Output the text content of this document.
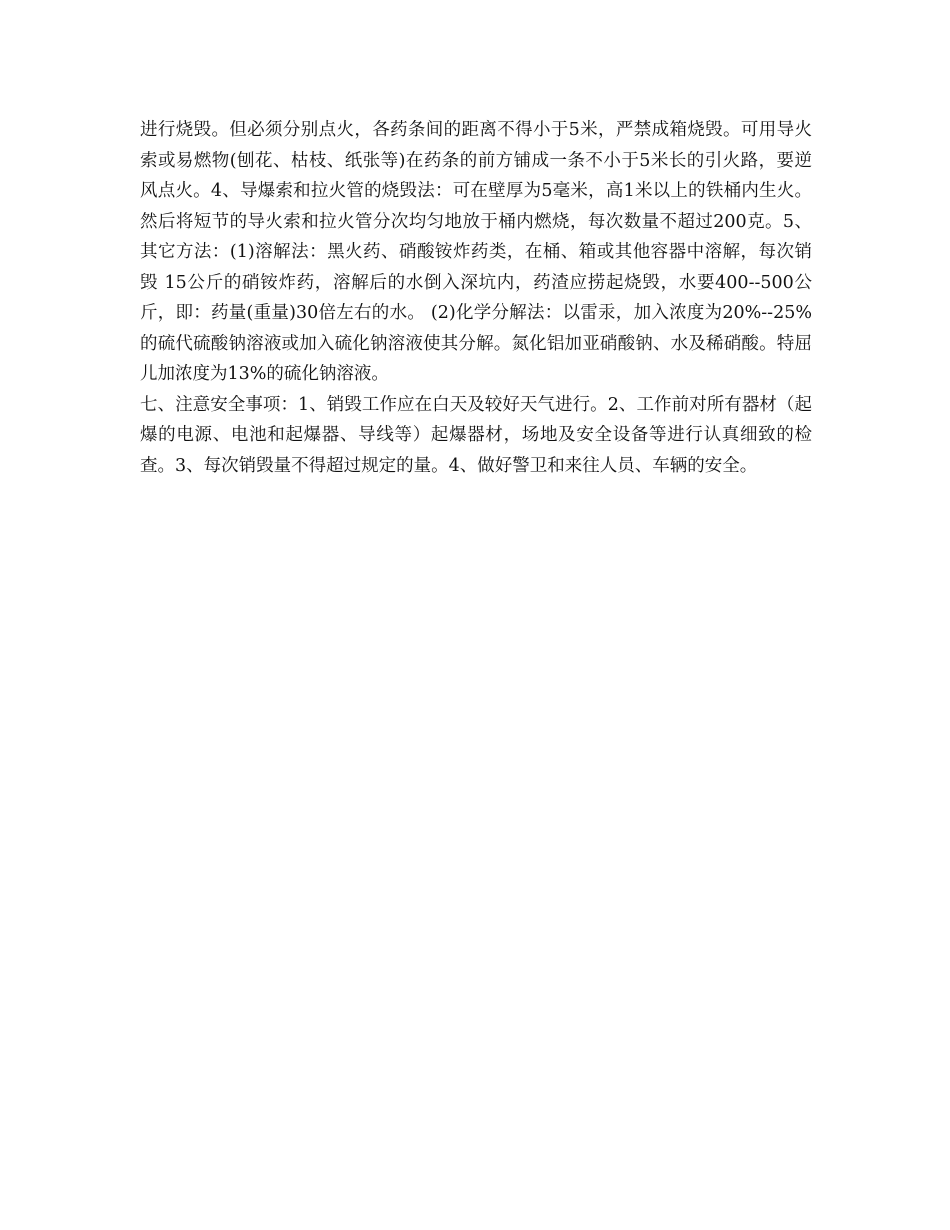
进行烧毁。但必须分别点火，各药条间的距离不得小于5米，严禁成箱烧毁。可用导火索或易燃物(刨花、枯枝、纸张等)在药条的前方铺成一条不小于5米长的引火路，要逆风点火。4、导爆索和拉火管的烧毁法：可在壁厚为5毫米，高1米以上的铁桶内生火。然后将短节的导火索和拉火管分次均匀地放于桶内燃烧，每次数量不超过200克。5、其它方法：(1)溶解法：黑火药、硝酸铵炸药类，在桶、箱或其他容器中溶解，每次销毁 15公斤的硝铵炸药，溶解后的水倒入深坑内，药渣应捞起烧毁，水要400--500公斤，即：药量(重量)30倍左右的水。 (2)化学分解法：以雷汞，加入浓度为20%--25%的硫代硫酸钠溶液或加入硫化钠溶液使其分解。氮化铝加亚硝酸钠、水及稀硝酸。特屈儿加浓度为13%的硫化钠溶液。

七、注意安全事项：1、销毁工作应在白天及较好天气进行。2、工作前对所有器材（起爆的电源、电池和起爆器、导线等）起爆器材，场地及安全设备等进行认真细致的检查。3、每次销毁量不得超过规定的量。4、做好警卫和来往人员、车辆的安全。
